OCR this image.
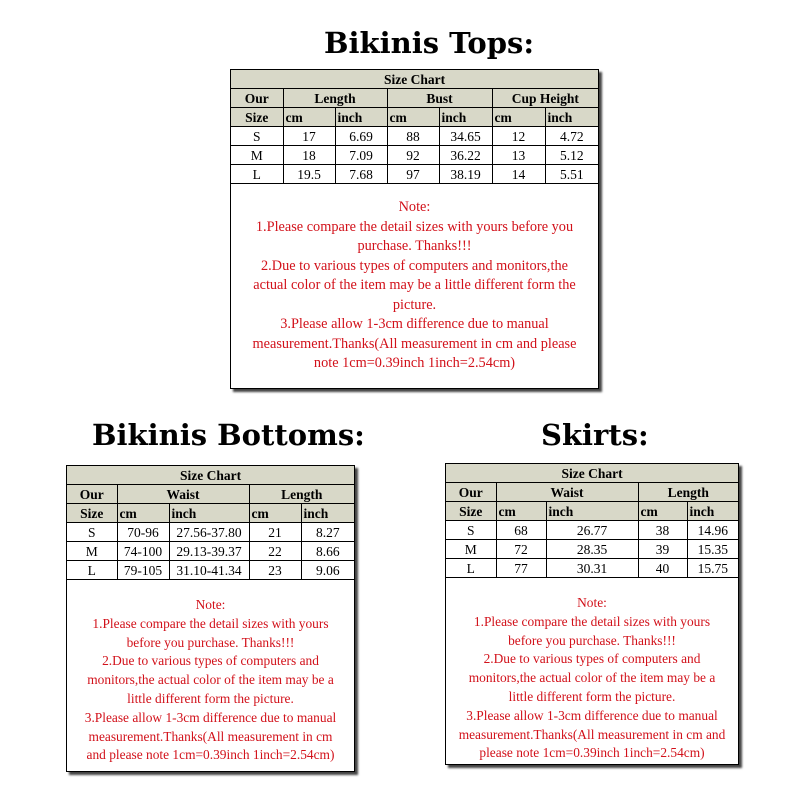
Bikinis Tops:
Size Chart						
Our	Length		Bust		Cup Height	
Size	cm	inch	cm	inch	cm	inch
S	17	6.69	88	34.65	12	4.72
M	18	7.09	92	36.22	13	5.12
L	19.5	7.68	97	38.19	14	5.51
Note:
1.Please compare the detail sizes with yours before you
purchase. Thanks!!!
2.Due to various types of computers and monitors,the
actual color of the item may be a little different form the
picture.
3.Please allow 1-3cm difference due to manual
measurement.Thanks(All measurement in cm and please
note 1cm=0.39inch 1inch=2.54cm)
Bikinis Bottoms:
Size Chart				
Our	Waist		Length	
Size	cm	inch	cm	inch
S	70-96	27.56-37.80	21	8.27
M	74-100	29.13-39.37	22	8.66
L	79-105	31.10-41.34	23	9.06
Note:
1.Please compare the detail sizes with yours
before you purchase. Thanks!!!
2.Due to various types of computers and
monitors,the actual color of the item may be a
little different form the picture.
3.Please allow 1-3cm difference due to manual
measurement.Thanks(All measurement in cm
and please note 1cm=0.39inch 1inch=2.54cm)
Skirts:
Size Chart				
Our	Waist		Length	
Size	cm	inch	cm	inch
S	68	26.77	38	14.96
M	72	28.35	39	15.35
L	77	30.31	40	15.75
Note:
1.Please compare the detail sizes with yours
before you purchase. Thanks!!!
2.Due to various types of computers and
monitors,the actual color of the item may be a
little different form the picture.
3.Please allow 1-3cm difference due to manual
measurement.Thanks(All measurement in cm and
please note 1cm=0.39inch 1inch=2.54cm)
